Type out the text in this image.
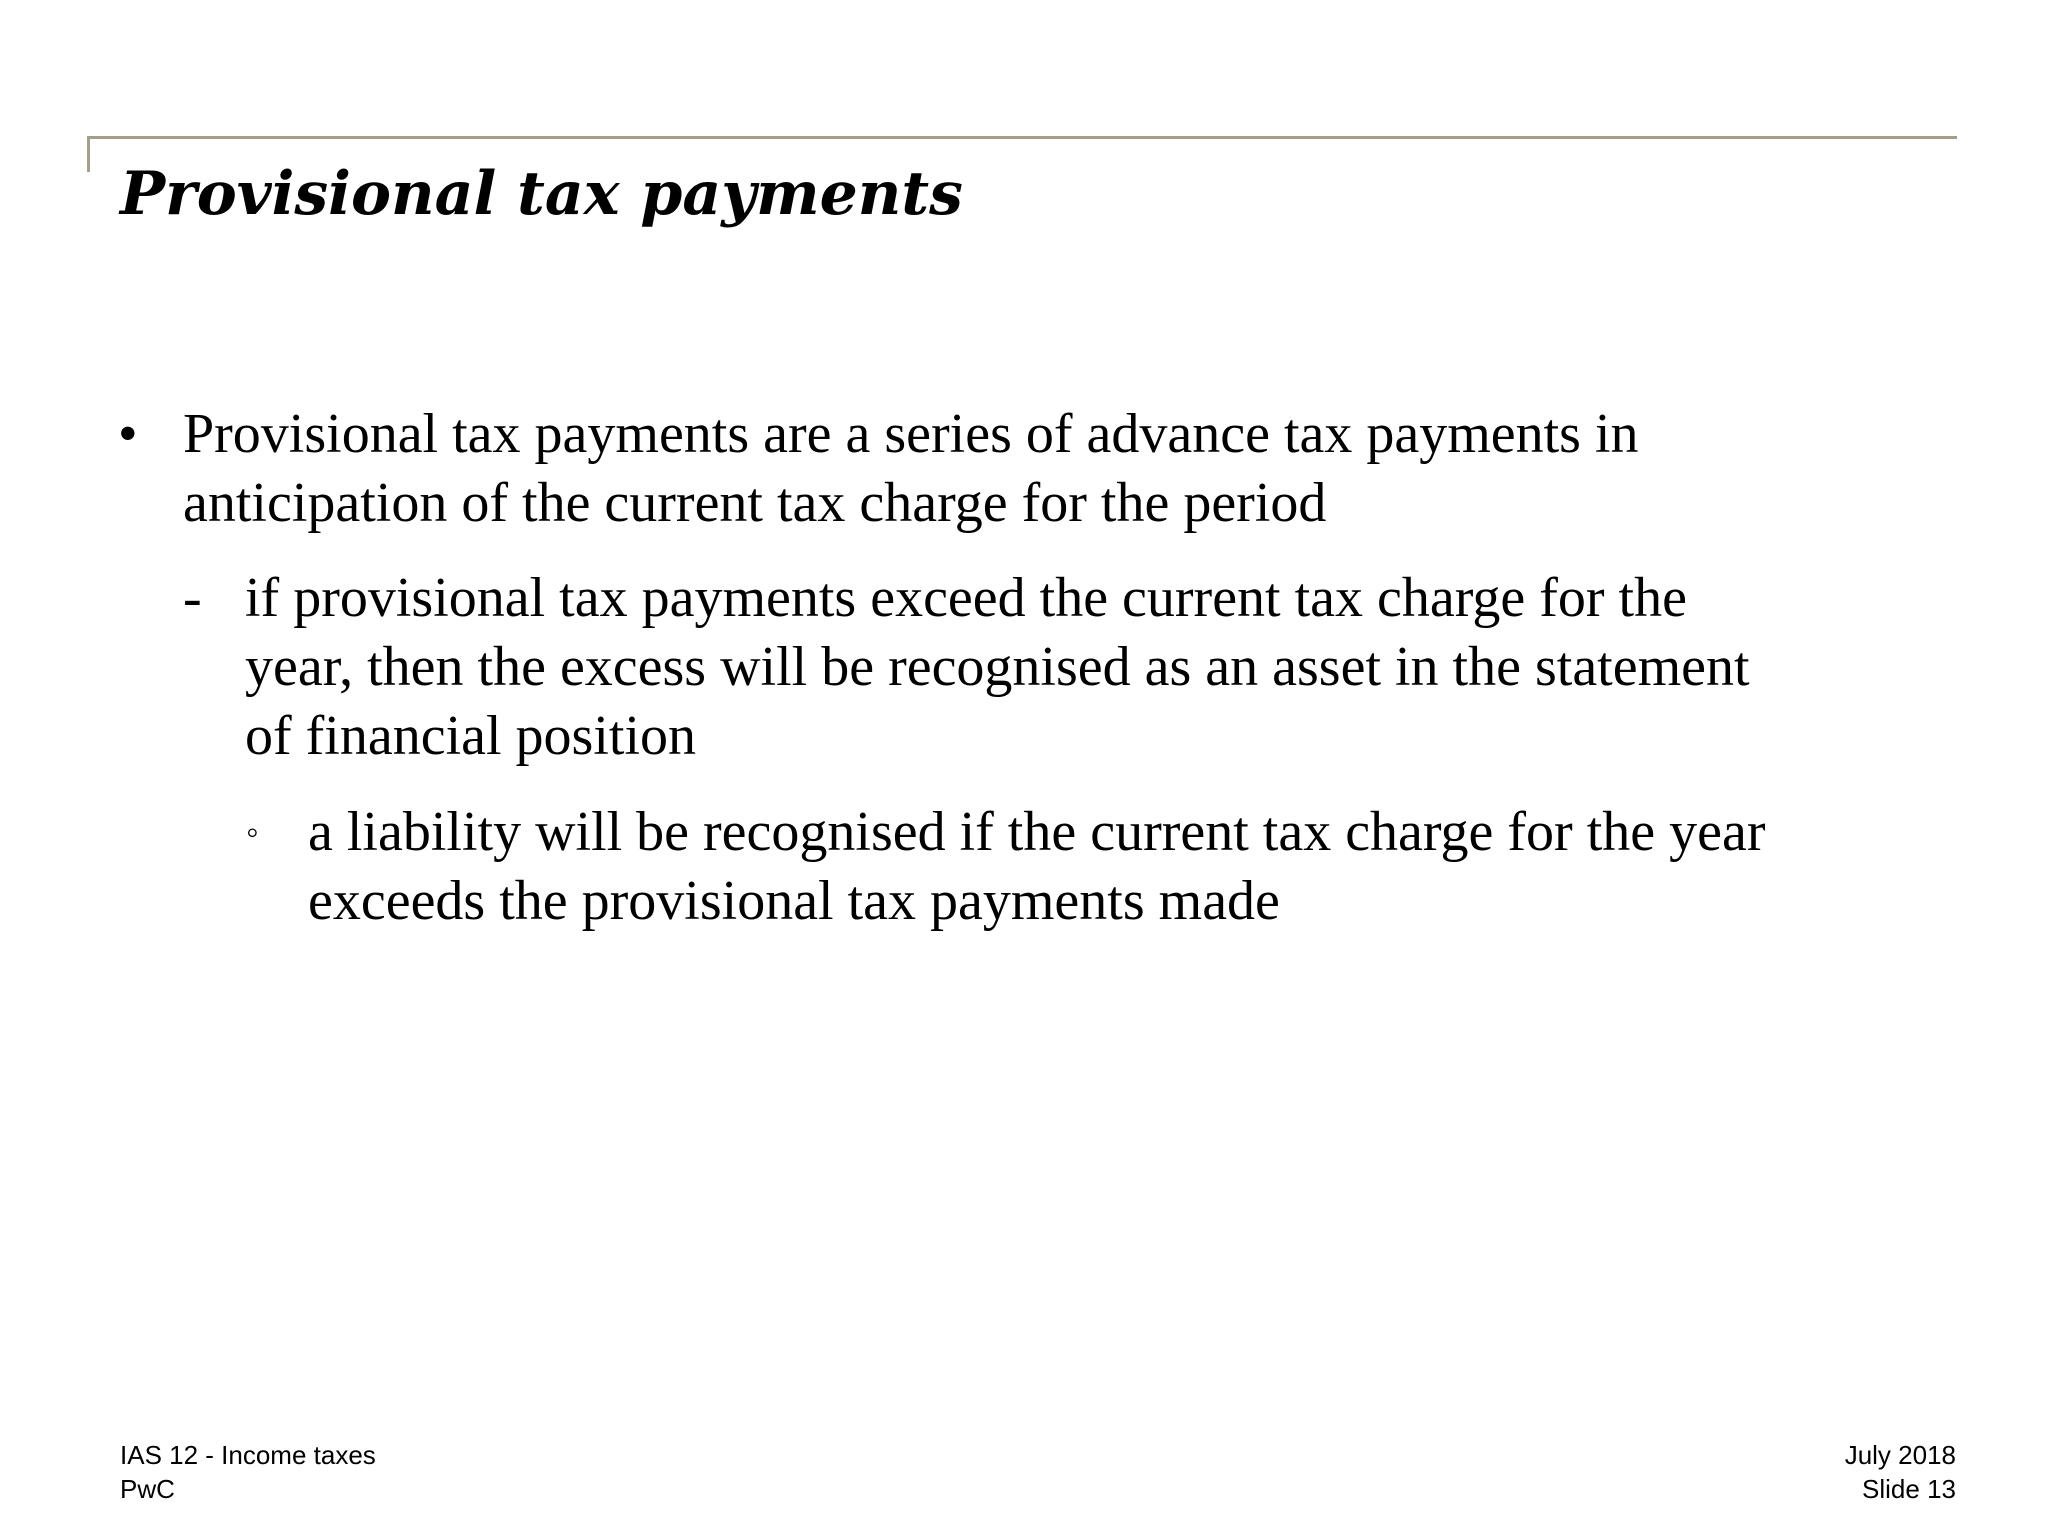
Provisional tax payments
• Provisional tax payments are a series of advance tax payments in
anticipation of the current tax charge for the period
- if provisional tax payments exceed the current tax charge for the
year, then the excess will be recognised as an asset in the statement
of financial position
◦ a liability will be recognised if the current tax charge for the year
exceeds the provisional tax payments made
IAS 12 - Income taxes
PwC
July 2018
Slide 13
